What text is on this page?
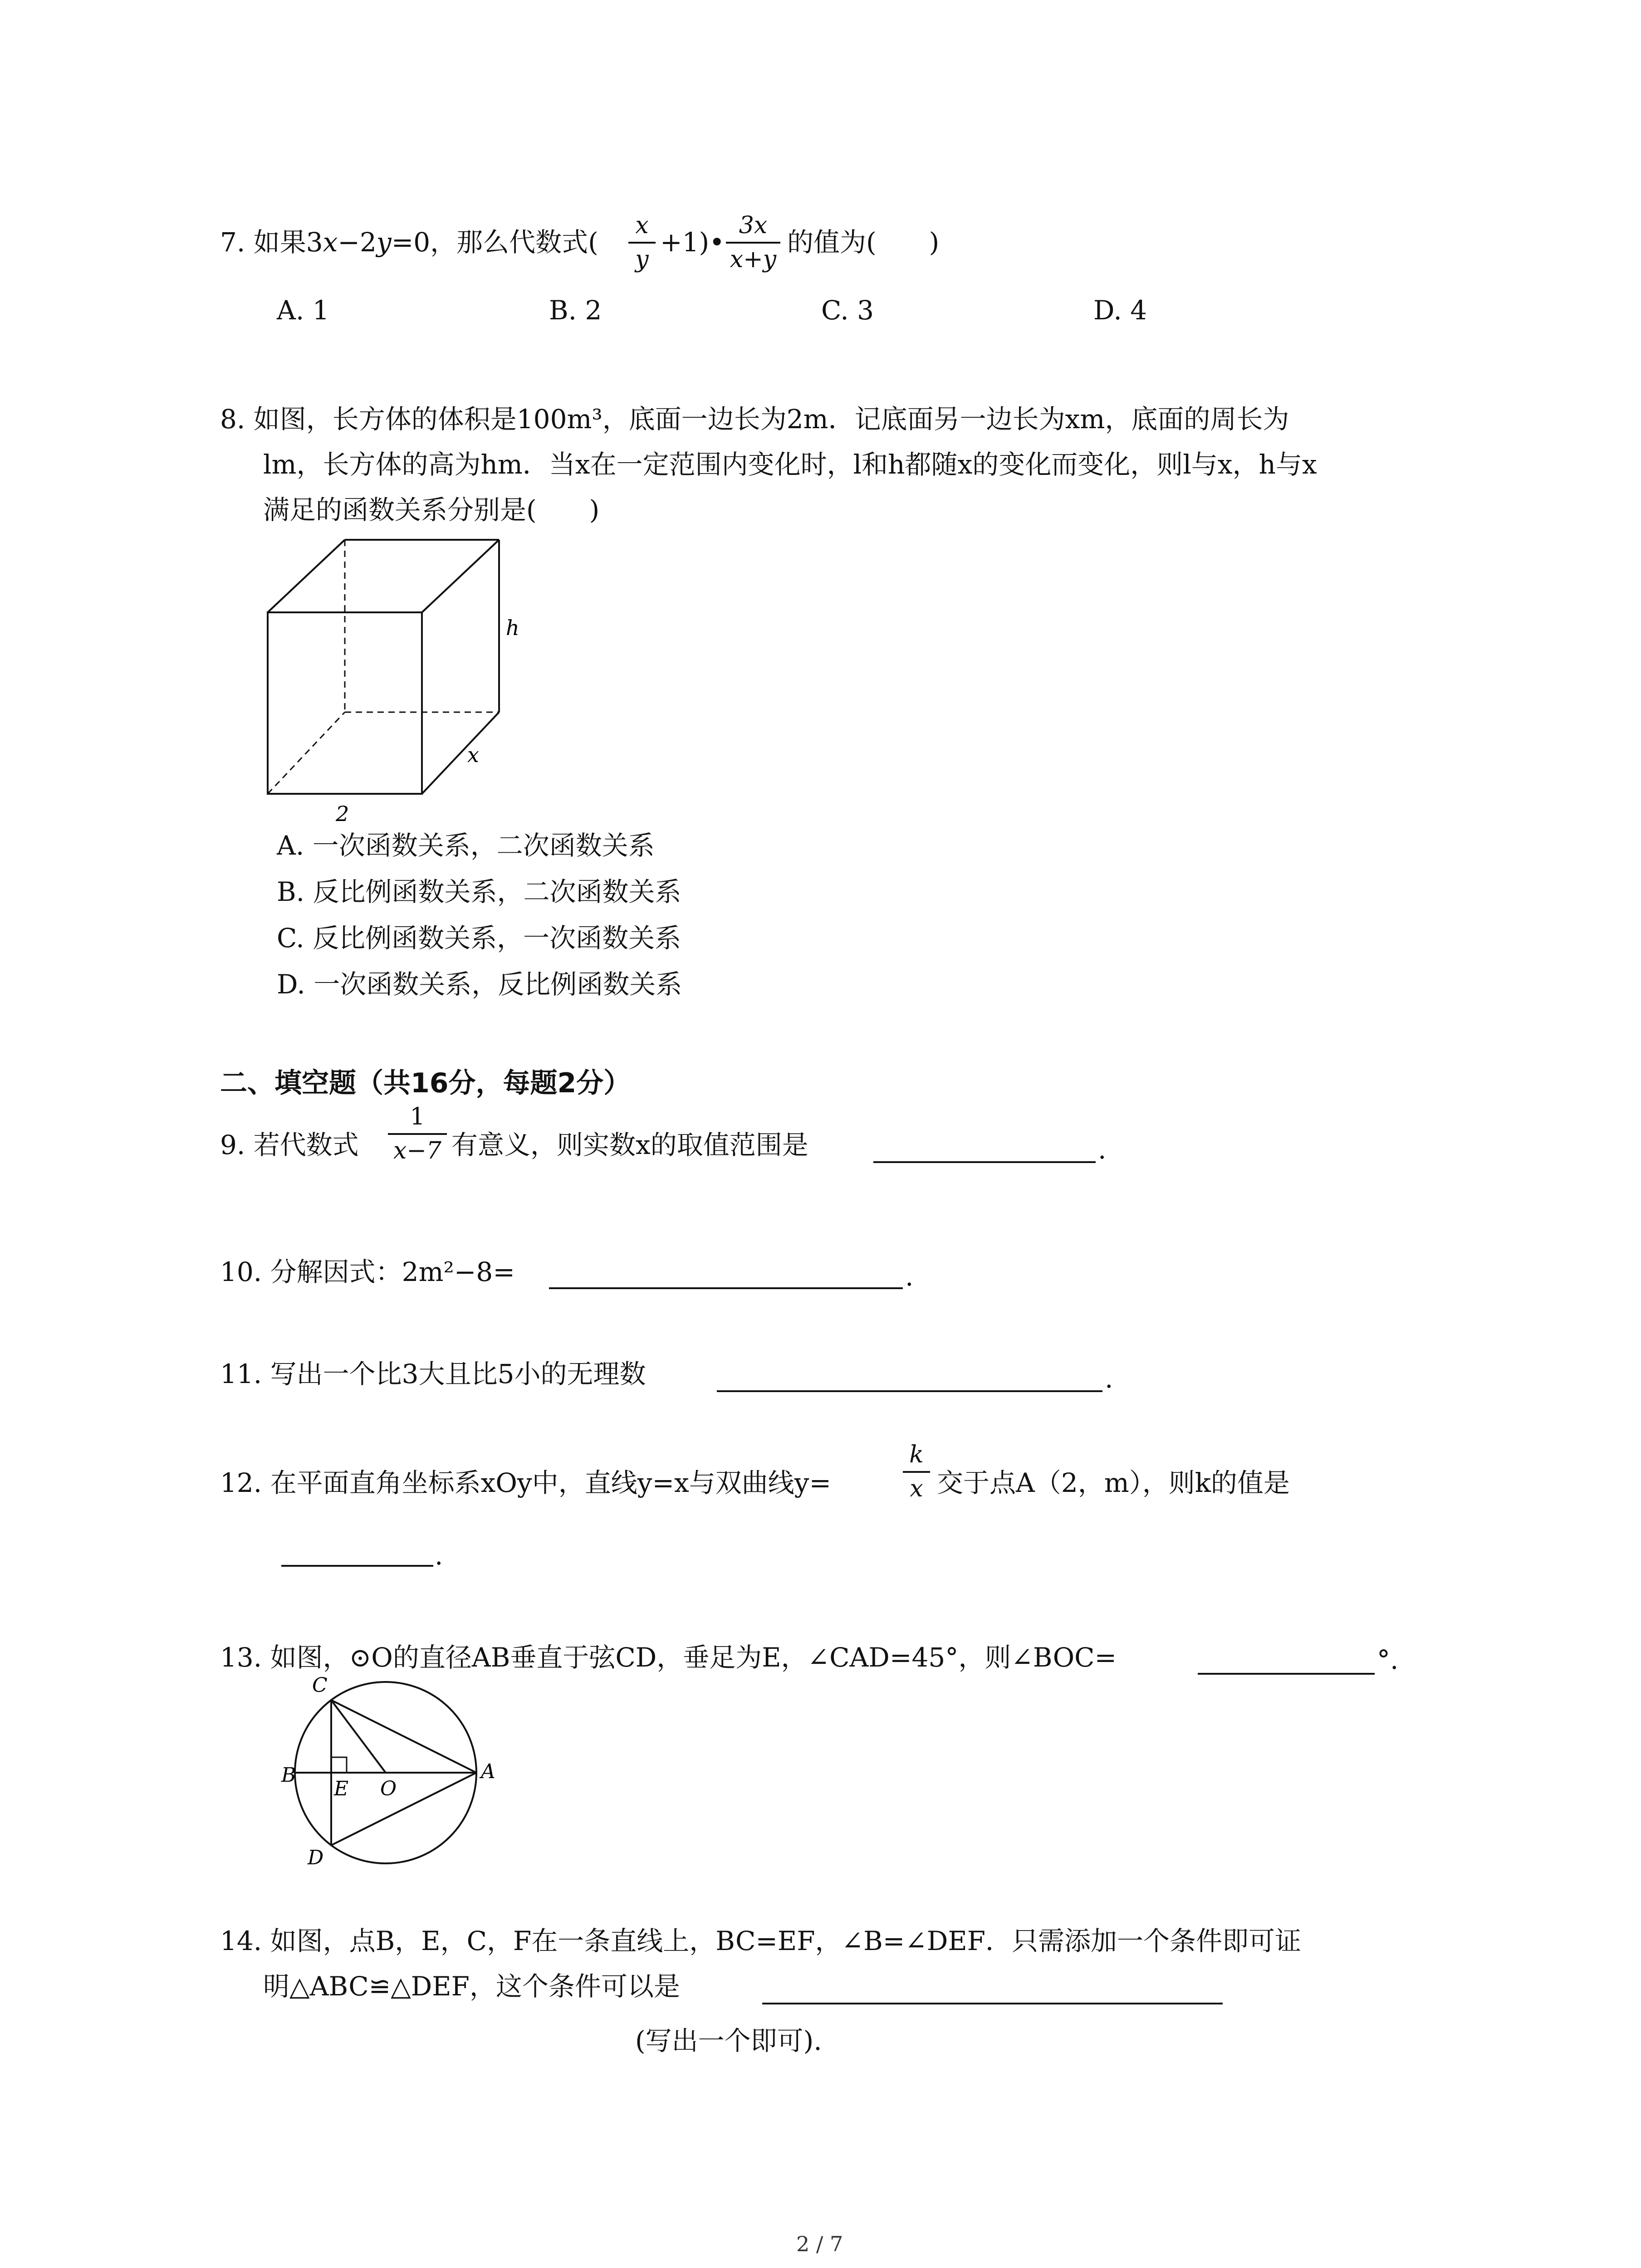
7. 如果3x−2y=0，那么代数式(
x
y
+1)•
3x
x+y
的值为(　　)
A. 1	B. 2	C. 3	D. 4
8. 如图，长方体的体积是100m³，底面一边长为2m．记底面另一边长为xm，底面的周长为
lm，长方体的高为hm．当x在一定范围内变化时，l和h都随x的变化而变化，则l与x，h与x
满足的函数关系分别是(　　)
h
x
2
A. 一次函数关系，二次函数关系
B. 反比例函数关系，二次函数关系
C. 反比例函数关系，一次函数关系
D. 一次函数关系，反比例函数关系
二、填空题（共16分，每题2分）
9. 若代数式
1
x−7 有意义，则实数x的取值范围是	.
10. 分解因式：2m²−8=	.
11. 写出一个比3大且比5小的无理数	.
12. 在平面直角坐标系xOy中，直线y=x与双曲线y=
k
x 交于点A（2，m），则k的值是
.
13. 如图，⊙O的直径AB垂直于弦CD，垂足为E，∠CAD=45°，则∠BOC=	°.
C
B
E O
A
D
14. 如图，点B，E，C，F在一条直线上，BC=EF，∠B=∠DEF．只需添加一个条件即可证
明△ABC≌△DEF，这个条件可以是
(写出一个即可).
2 / 7
